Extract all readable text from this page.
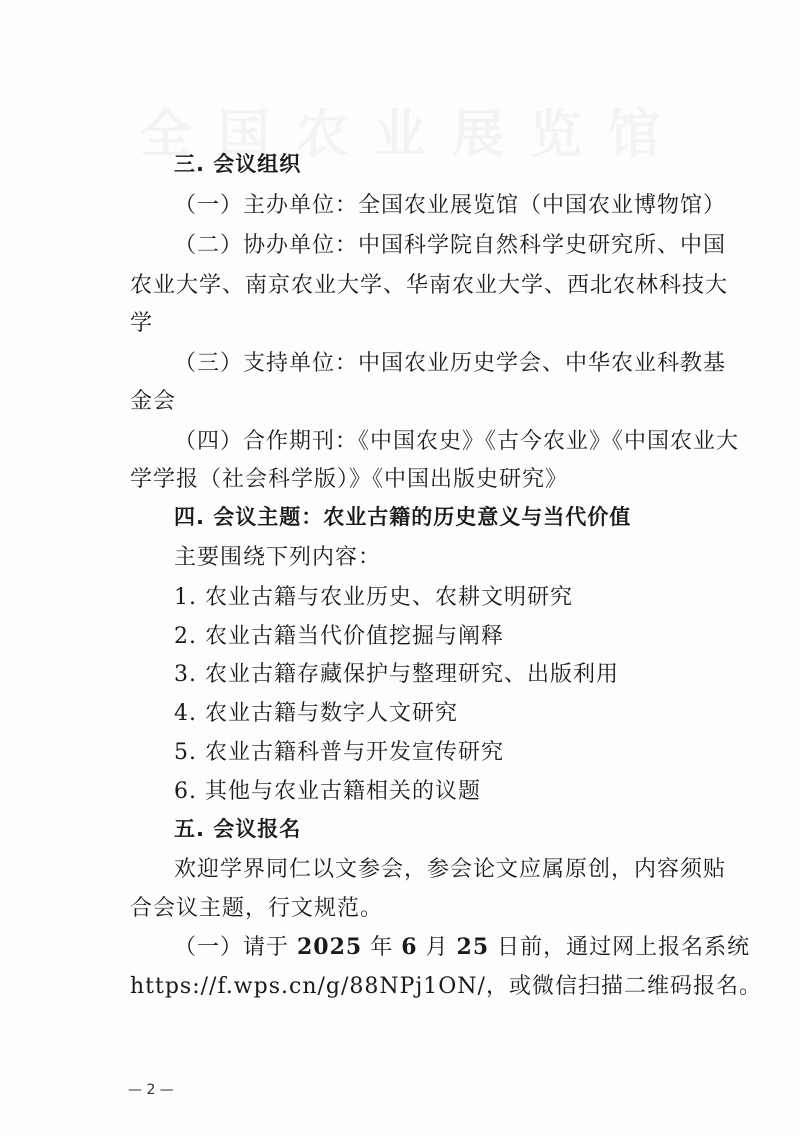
三. 会议组织
（一）主办单位：全国农业展览馆（中国农业博物馆）
（二）协办单位：中国科学院自然科学史研究所、中国
农业大学、南京农业大学、华南农业大学、西北农林科技大
学
（三）支持单位：中国农业历史学会、中华农业科教基
金会
（四）合作期刊：《中国农史》《古今农业》《中国农业大
学学报（社会科学版）》《中国出版史研究》
四. 会议主题：农业古籍的历史意义与当代价值
主要围绕下列内容：
1. 农业古籍与农业历史、农耕文明研究
2. 农业古籍当代价值挖掘与阐释
3. 农业古籍存藏保护与整理研究、出版利用
4. 农业古籍与数字人文研究
5. 农业古籍科普与开发宣传研究
6. 其他与农业古籍相关的议题
五. 会议报名
欢迎学界同仁以文参会，参会论文应属原创，内容须贴
合会议主题，行文规范。
（一）请于 2025 年 6 月 25 日前，通过网上报名系统
https://f.wps.cn/g/88NPj1ON/，或微信扫描二维码报名。
— 2 —
